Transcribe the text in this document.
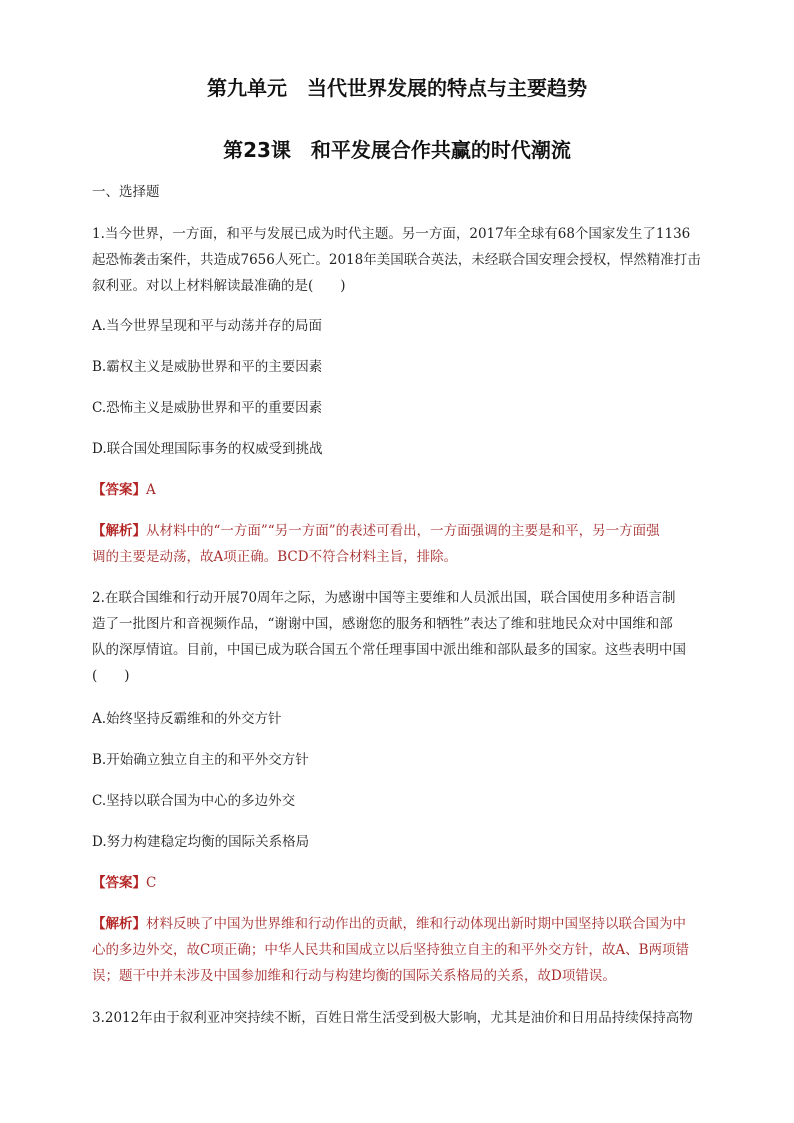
第九单元　当代世界发展的特点与主要趋势
第23课　和平发展合作共赢的时代潮流
一、选择题
1.当今世界，一方面，和平与发展已成为时代主题。另一方面，2017年全球有68个国家发生了1136
起恐怖袭击案件，共造成7656人死亡。2018年美国联合英法，未经联合国安理会授权，悍然精准打击
叙利亚。对以上材料解读最准确的是(　　)
A.当今世界呈现和平与动荡并存的局面
B.霸权主义是威胁世界和平的主要因素
C.恐怖主义是威胁世界和平的重要因素
D.联合国处理国际事务的权威受到挑战
【答案】A
【解析】从材料中的“一方面”“另一方面”的表述可看出，一方面强调的主要是和平，另一方面强
调的主要是动荡，故A项正确。BCD不符合材料主旨，排除。
2.在联合国维和行动开展70周年之际，为感谢中国等主要维和人员派出国，联合国使用多种语言制
造了一批图片和音视频作品，“谢谢中国，感谢您的服务和牺牲”表达了维和驻地民众对中国维和部
队的深厚情谊。目前，中国已成为联合国五个常任理事国中派出维和部队最多的国家。这些表明中国
(　　)
A.始终坚持反霸维和的外交方针
B.开始确立独立自主的和平外交方针
C.坚持以联合国为中心的多边外交
D.努力构建稳定均衡的国际关系格局
【答案】C
【解析】材料反映了中国为世界维和行动作出的贡献，维和行动体现出新时期中国坚持以联合国为中
心的多边外交，故C项正确；中华人民共和国成立以后坚持独立自主的和平外交方针，故A、B两项错
误；题干中并未涉及中国参加维和行动与构建均衡的国际关系格局的关系，故D项错误。
3.2012年由于叙利亚冲突持续不断，百姓日常生活受到极大影响，尤其是油价和日用品持续保持高物
